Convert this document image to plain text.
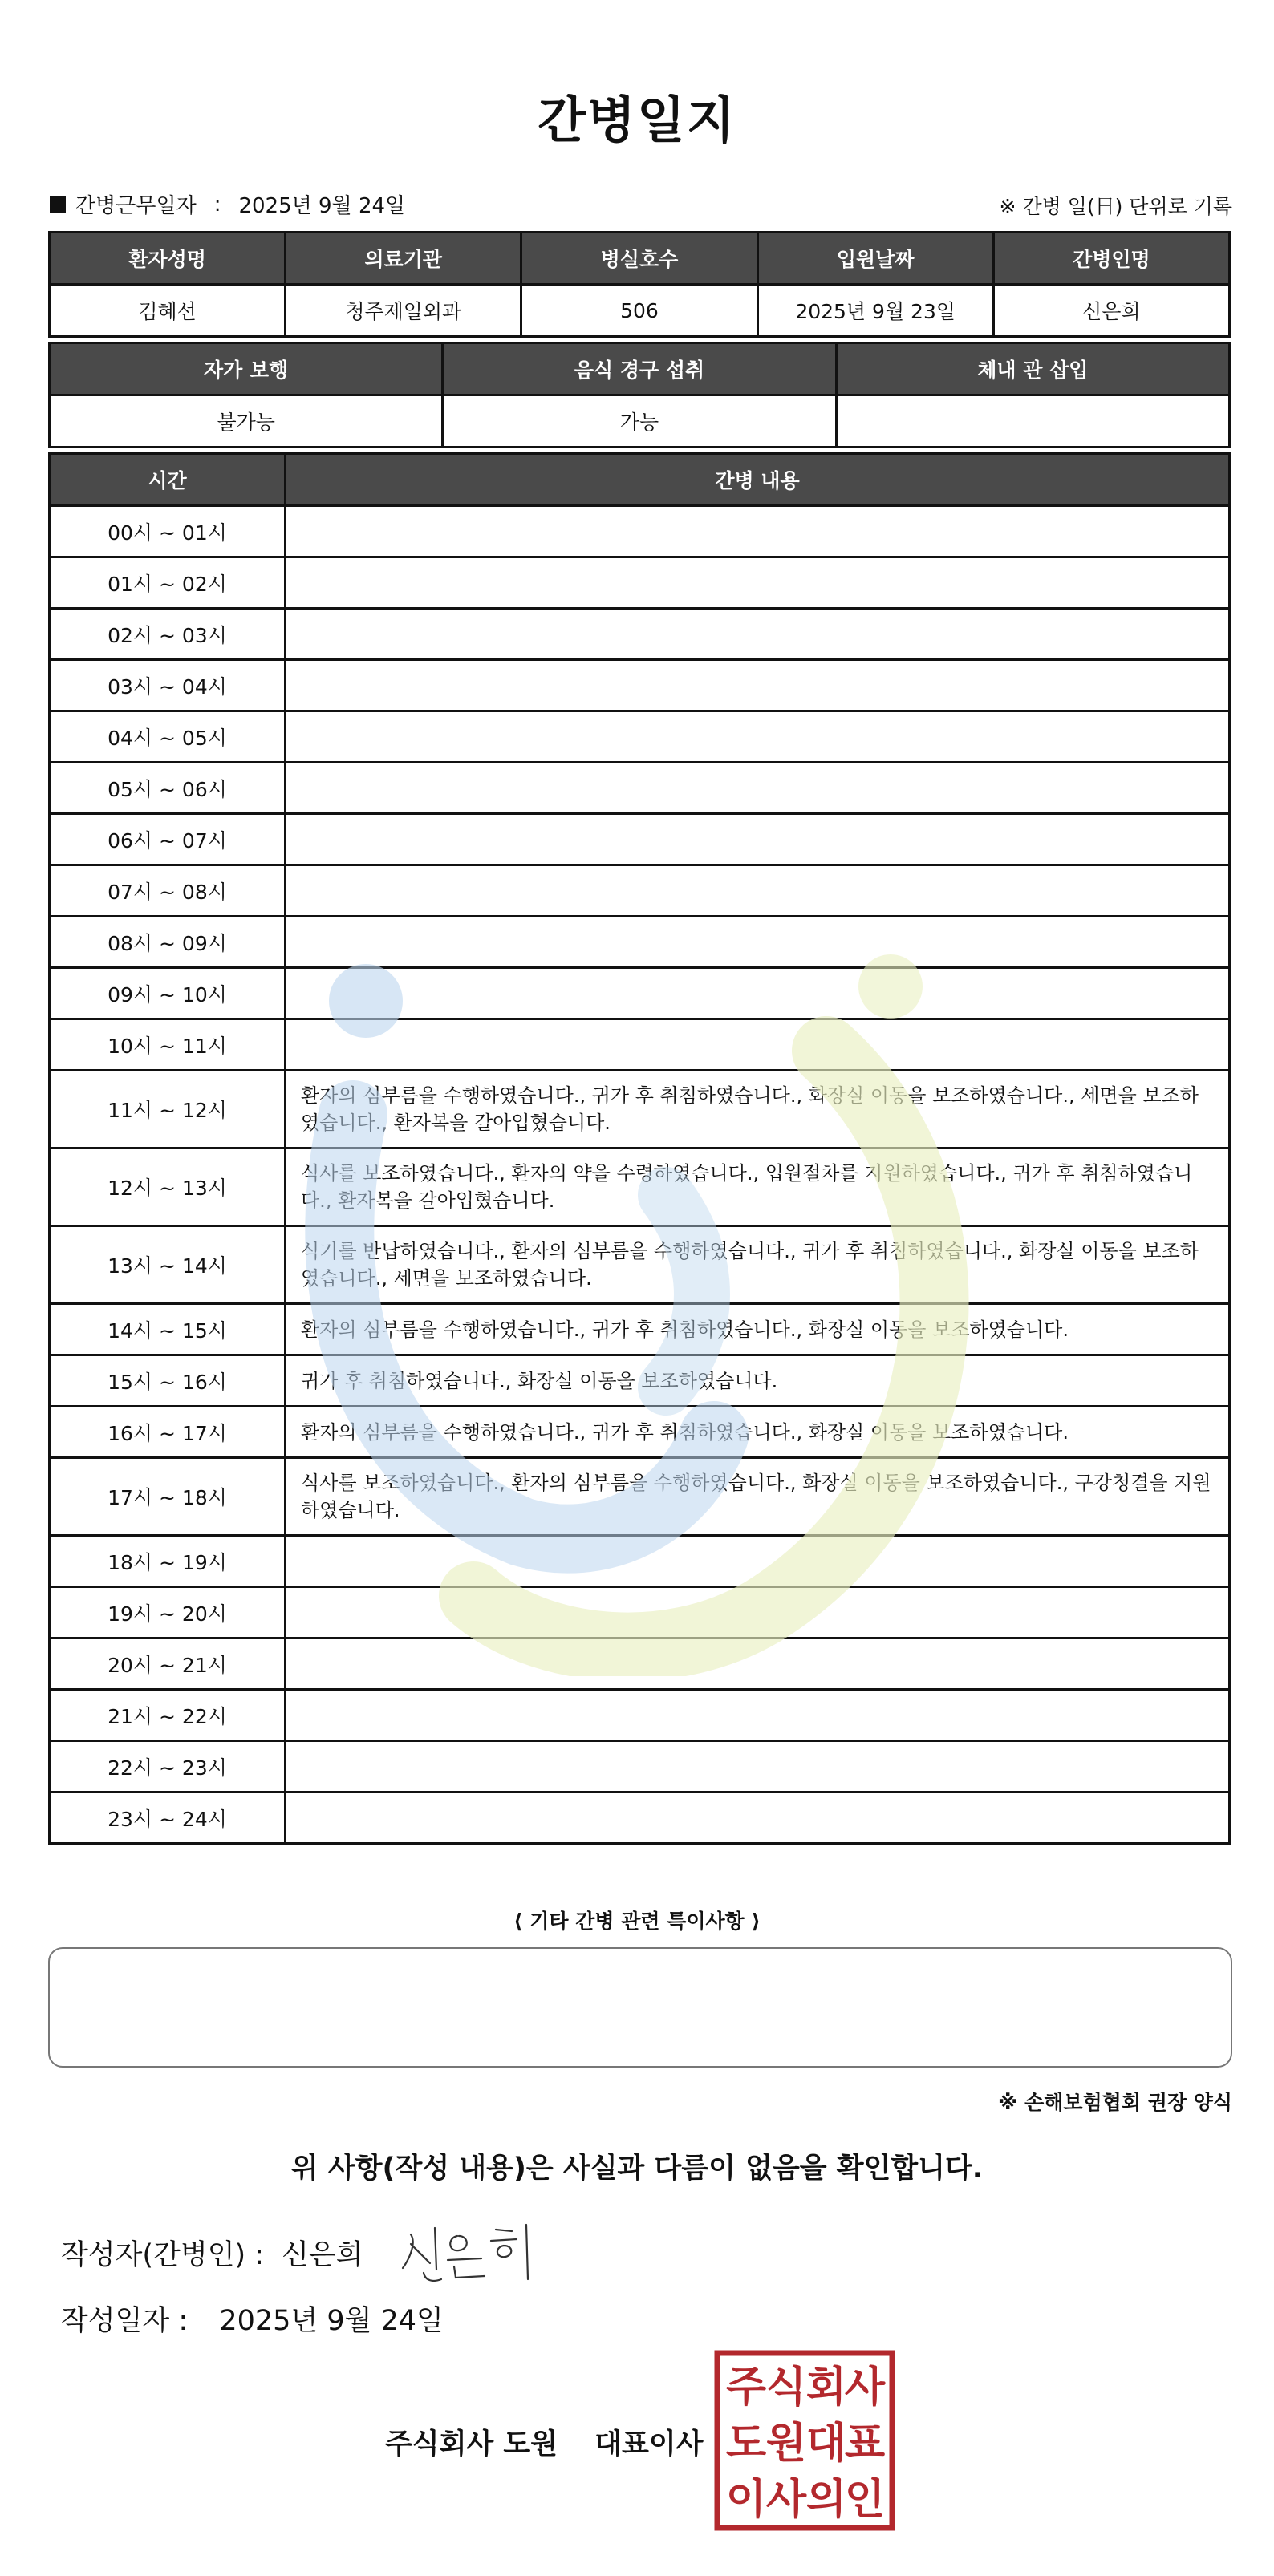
간병일지
간병근무일자 : 2025년 9월 24일	※ 간병 일(日) 단위로 기록
환자성명	의료기관	병실호수	입원날짜	간병인명
김혜선	청주제일외과	506	2025년 9월 23일	신은희
자가 보행	음식 경구 섭취	체내 관 삽입
불가능	가능	
시간	간병 내용
00시 ~ 01시	
01시 ~ 02시	
02시 ~ 03시	
03시 ~ 04시	
04시 ~ 05시	
05시 ~ 06시	
06시 ~ 07시	
07시 ~ 08시	
08시 ~ 09시	
09시 ~ 10시	
10시 ~ 11시	
11시 ~ 12시	환자의 심부름을 수행하였습니다., 귀가 후 취침하였습니다., 화장실 이동을 보조하였습니다., 세면을 보조하였습니다., 환자복을 갈아입혔습니다.
12시 ~ 13시	식사를 보조하였습니다., 환자의 약을 수령하였습니다., 입원절차를 지원하였습니다., 귀가 후 취침하였습니다., 환자복을 갈아입혔습니다.
13시 ~ 14시	식기를 반납하였습니다., 환자의 심부름을 수행하였습니다., 귀가 후 취침하였습니다., 화장실 이동을 보조하였습니다., 세면을 보조하였습니다.
14시 ~ 15시	환자의 심부름을 수행하였습니다., 귀가 후 취침하였습니다., 화장실 이동을 보조하였습니다.
15시 ~ 16시	귀가 후 취침하였습니다., 화장실 이동을 보조하였습니다.
16시 ~ 17시	환자의 심부름을 수행하였습니다., 귀가 후 취침하였습니다., 화장실 이동을 보조하였습니다.
17시 ~ 18시	식사를 보조하였습니다., 환자의 심부름을 수행하였습니다., 화장실 이동을 보조하였습니다., 구강청결을 지원하였습니다.
18시 ~ 19시	
19시 ~ 20시	
20시 ~ 21시	
21시 ~ 22시	
22시 ~ 23시	
23시 ~ 24시	
⟨ 기타 간병 관련 특이사항 ⟩
※ 손해보험협회 권장 양식
위 사항(작성 내용)은 사실과 다름이 없음을 확인합니다.
작성자(간병인) : 신은희
작성일자 : 2025년 9월 24일
주식회사 도원 대표이사
주 식 회
사
도 원 대
표
이 사 의
인
